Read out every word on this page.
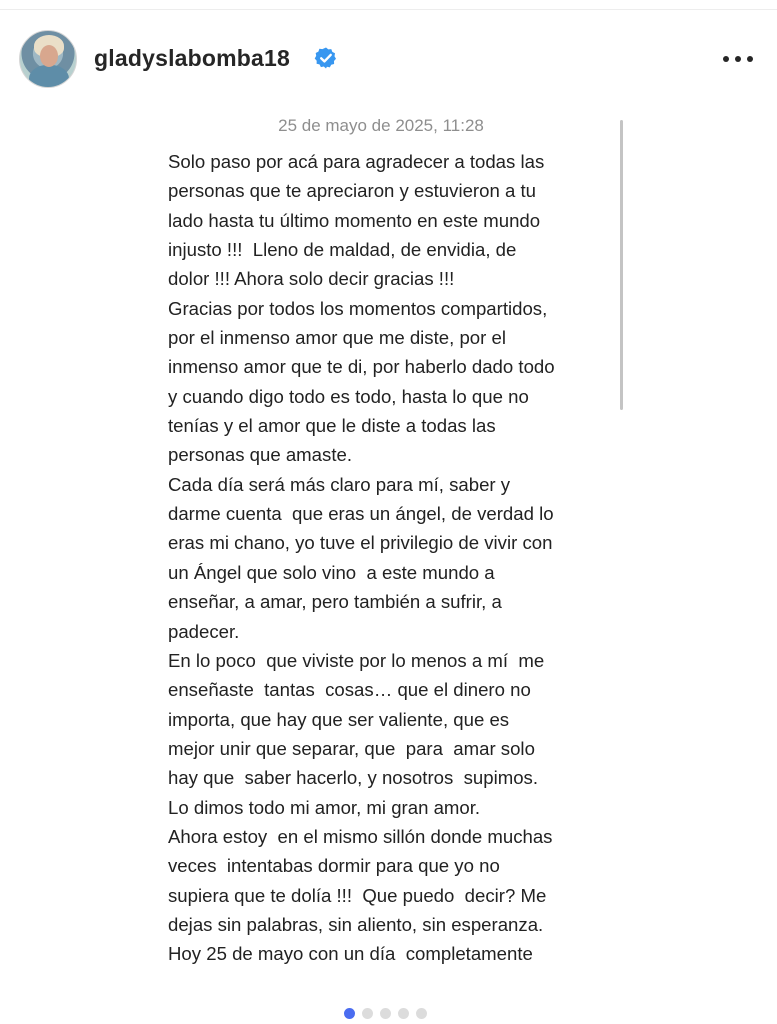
gladyslabomba18
25 de mayo de 2025, 11:28
Solo paso por acá para agradecer a todas las
personas que te apreciaron y estuvieron a tu
lado hasta tu último momento en este mundo
injusto !!!  Lleno de maldad, de envidia, de
dolor !!! Ahora solo decir gracias !!!
Gracias por todos los momentos compartidos,
por el inmenso amor que me diste, por el
inmenso amor que te di, por haberlo dado todo
y cuando digo todo es todo, hasta lo que no
tenías y el amor que le diste a todas las
personas que amaste.
Cada día será más claro para mí, saber y
darme cuenta  que eras un ángel, de verdad lo
eras mi chano, yo tuve el privilegio de vivir con
un Ángel que solo vino  a este mundo a
enseñar, a amar, pero también a sufrir, a
padecer.
En lo poco  que viviste por lo menos a mí  me
enseñaste  tantas  cosas… que el dinero no
importa, que hay que ser valiente, que es
mejor unir que separar, que  para  amar solo
hay que  saber hacerlo, y nosotros  supimos.
Lo dimos todo mi amor, mi gran amor.
Ahora estoy  en el mismo sillón donde muchas
veces  intentabas dormir para que yo no
supiera que te dolía !!!  Que puedo  decir? Me
dejas sin palabras, sin aliento, sin esperanza.
Hoy 25 de mayo con un día  completamente
